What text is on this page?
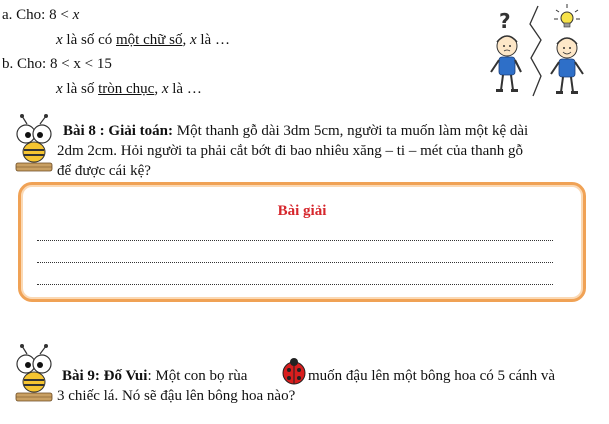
a. Cho: 8 < x
x là số có một chữ số, x là …
b. Cho: 8 < x < 15
x là số tròn chục, x là …
?
Bài 8 : Giải toán: Một thanh gỗ dài 3dm 5cm, người ta muốn làm một kệ dài
2dm 2cm. Hỏi người ta phải cắt bớt đi bao nhiêu xăng – ti – mét của thanh gỗ
để được cái kệ?
Bài giải
Bài 9: Đố Vui: Một con bọ rùa	muốn đậu lên một bông hoa có 5 cánh và
3 chiếc lá. Nó sẽ đậu lên bông hoa nào?
